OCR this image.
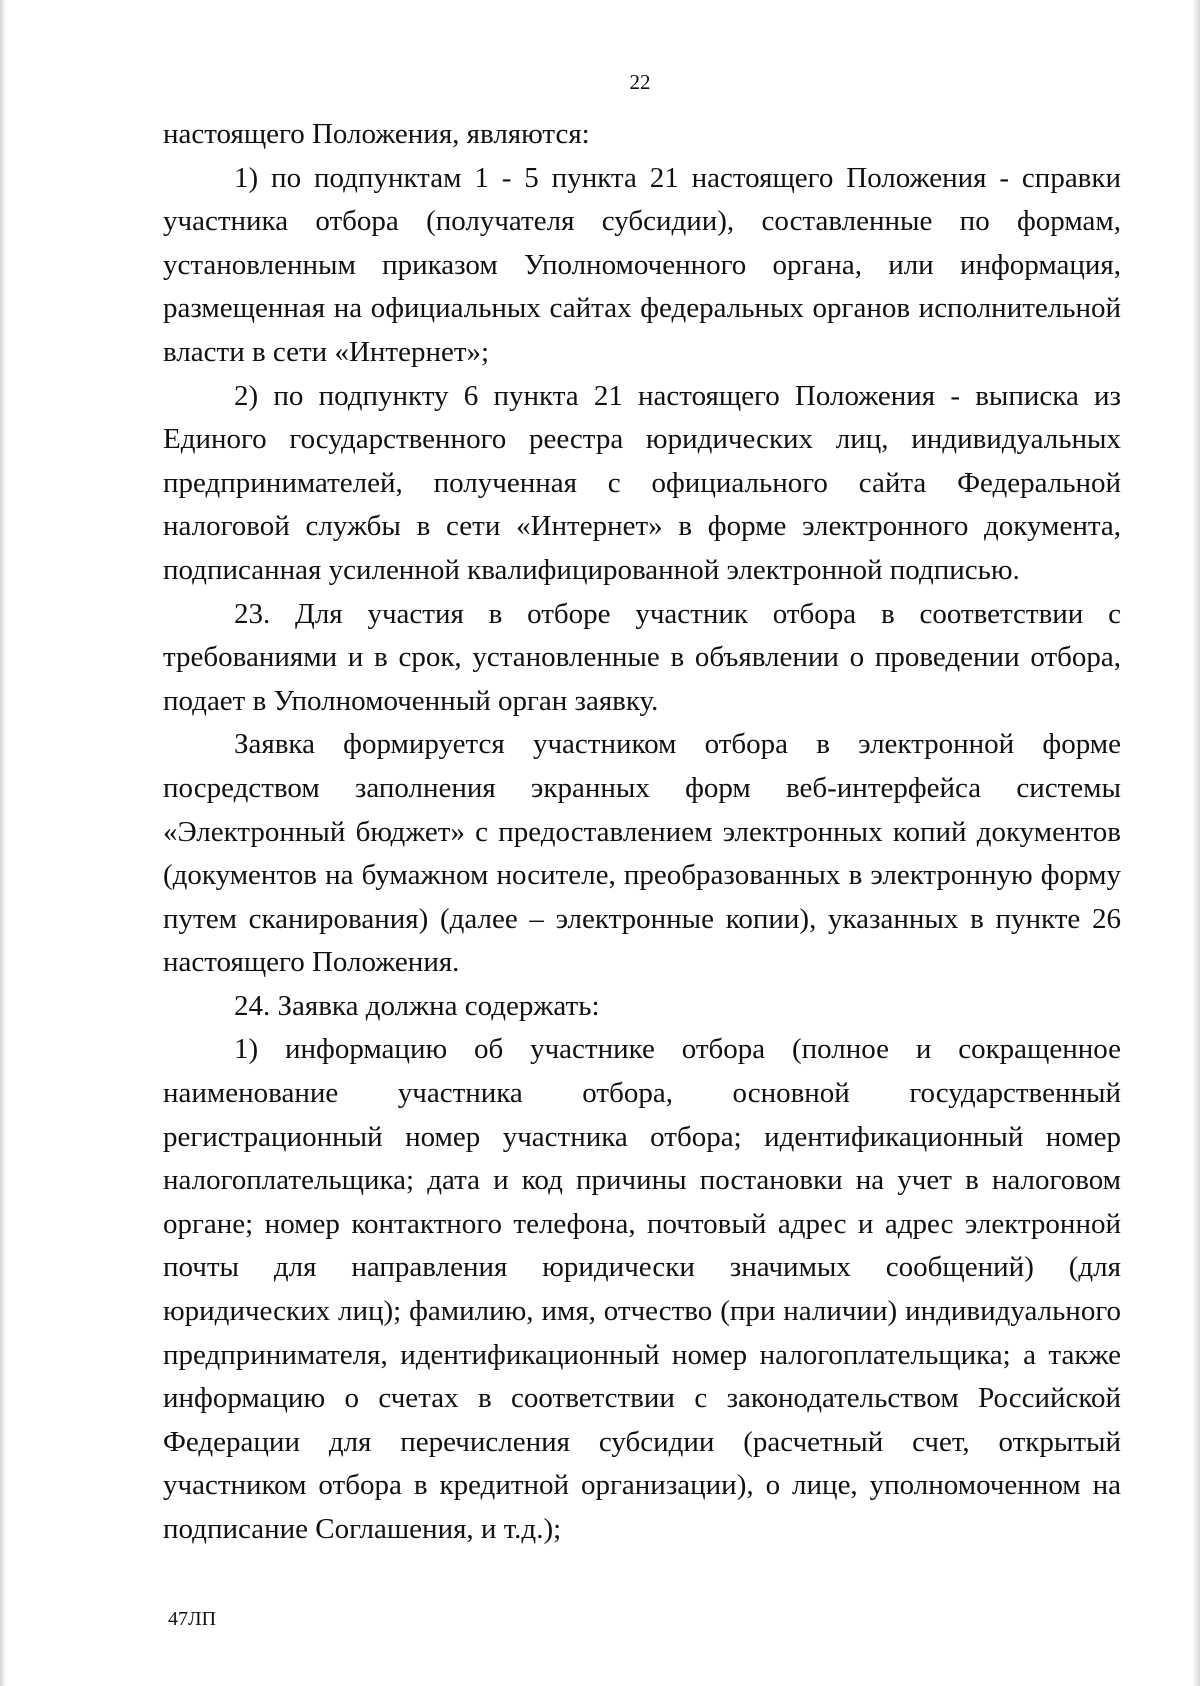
22

настоящего Положения, являются:

1) по подпунктам 1 - 5 пункта 21 настоящего Положения - справки участника отбора (получателя субсидии), составленные по формам, установленным приказом Уполномоченного органа, или информация, размещенная на официальных сайтах федеральных органов исполнительной власти в сети «Интернет»;

2) по подпункту 6 пункта 21 настоящего Положения - выписка из Единого государственного реестра юридических лиц, индивидуальных предпринимателей, полученная с официального сайта Федеральной налоговой службы в сети «Интернет» в форме электронного документа, подписанная усиленной квалифицированной электронной подписью.

23. Для участия в отборе участник отбора в соответствии с требованиями и в срок, установленные в объявлении о проведении отбора, подает в Уполномоченный орган заявку.

Заявка формируется участником отбора в электронной форме посредством заполнения экранных форм веб-интерфейса системы «Электронный бюджет» с предоставлением электронных копий документов (документов на бумажном носителе, преобразованных в электронную форму путем сканирования) (далее – электронные копии), указанных в пункте 26 настоящего Положения.

24. Заявка должна содержать:

1) информацию об участнике отбора (полное и сокращенное наименование участника отбора, основной государственный регистрационный номер участника отбора; идентификационный номер налогоплательщика; дата и код причины постановки на учет в налоговом органе; номер контактного телефона, почтовый адрес и адрес электронной почты для направления юридически значимых сообщений) (для юридических лиц); фамилию, имя, отчество (при наличии) индивидуального предпринимателя, идентификационный номер налогоплательщика; а также информацию о счетах в соответствии с законодательством Российской Федерации для перечисления субсидии (расчетный счет, открытый участником отбора в кредитной организации), о лице, уполномоченном на подписание Соглашения, и т.д.);

47ЛП
